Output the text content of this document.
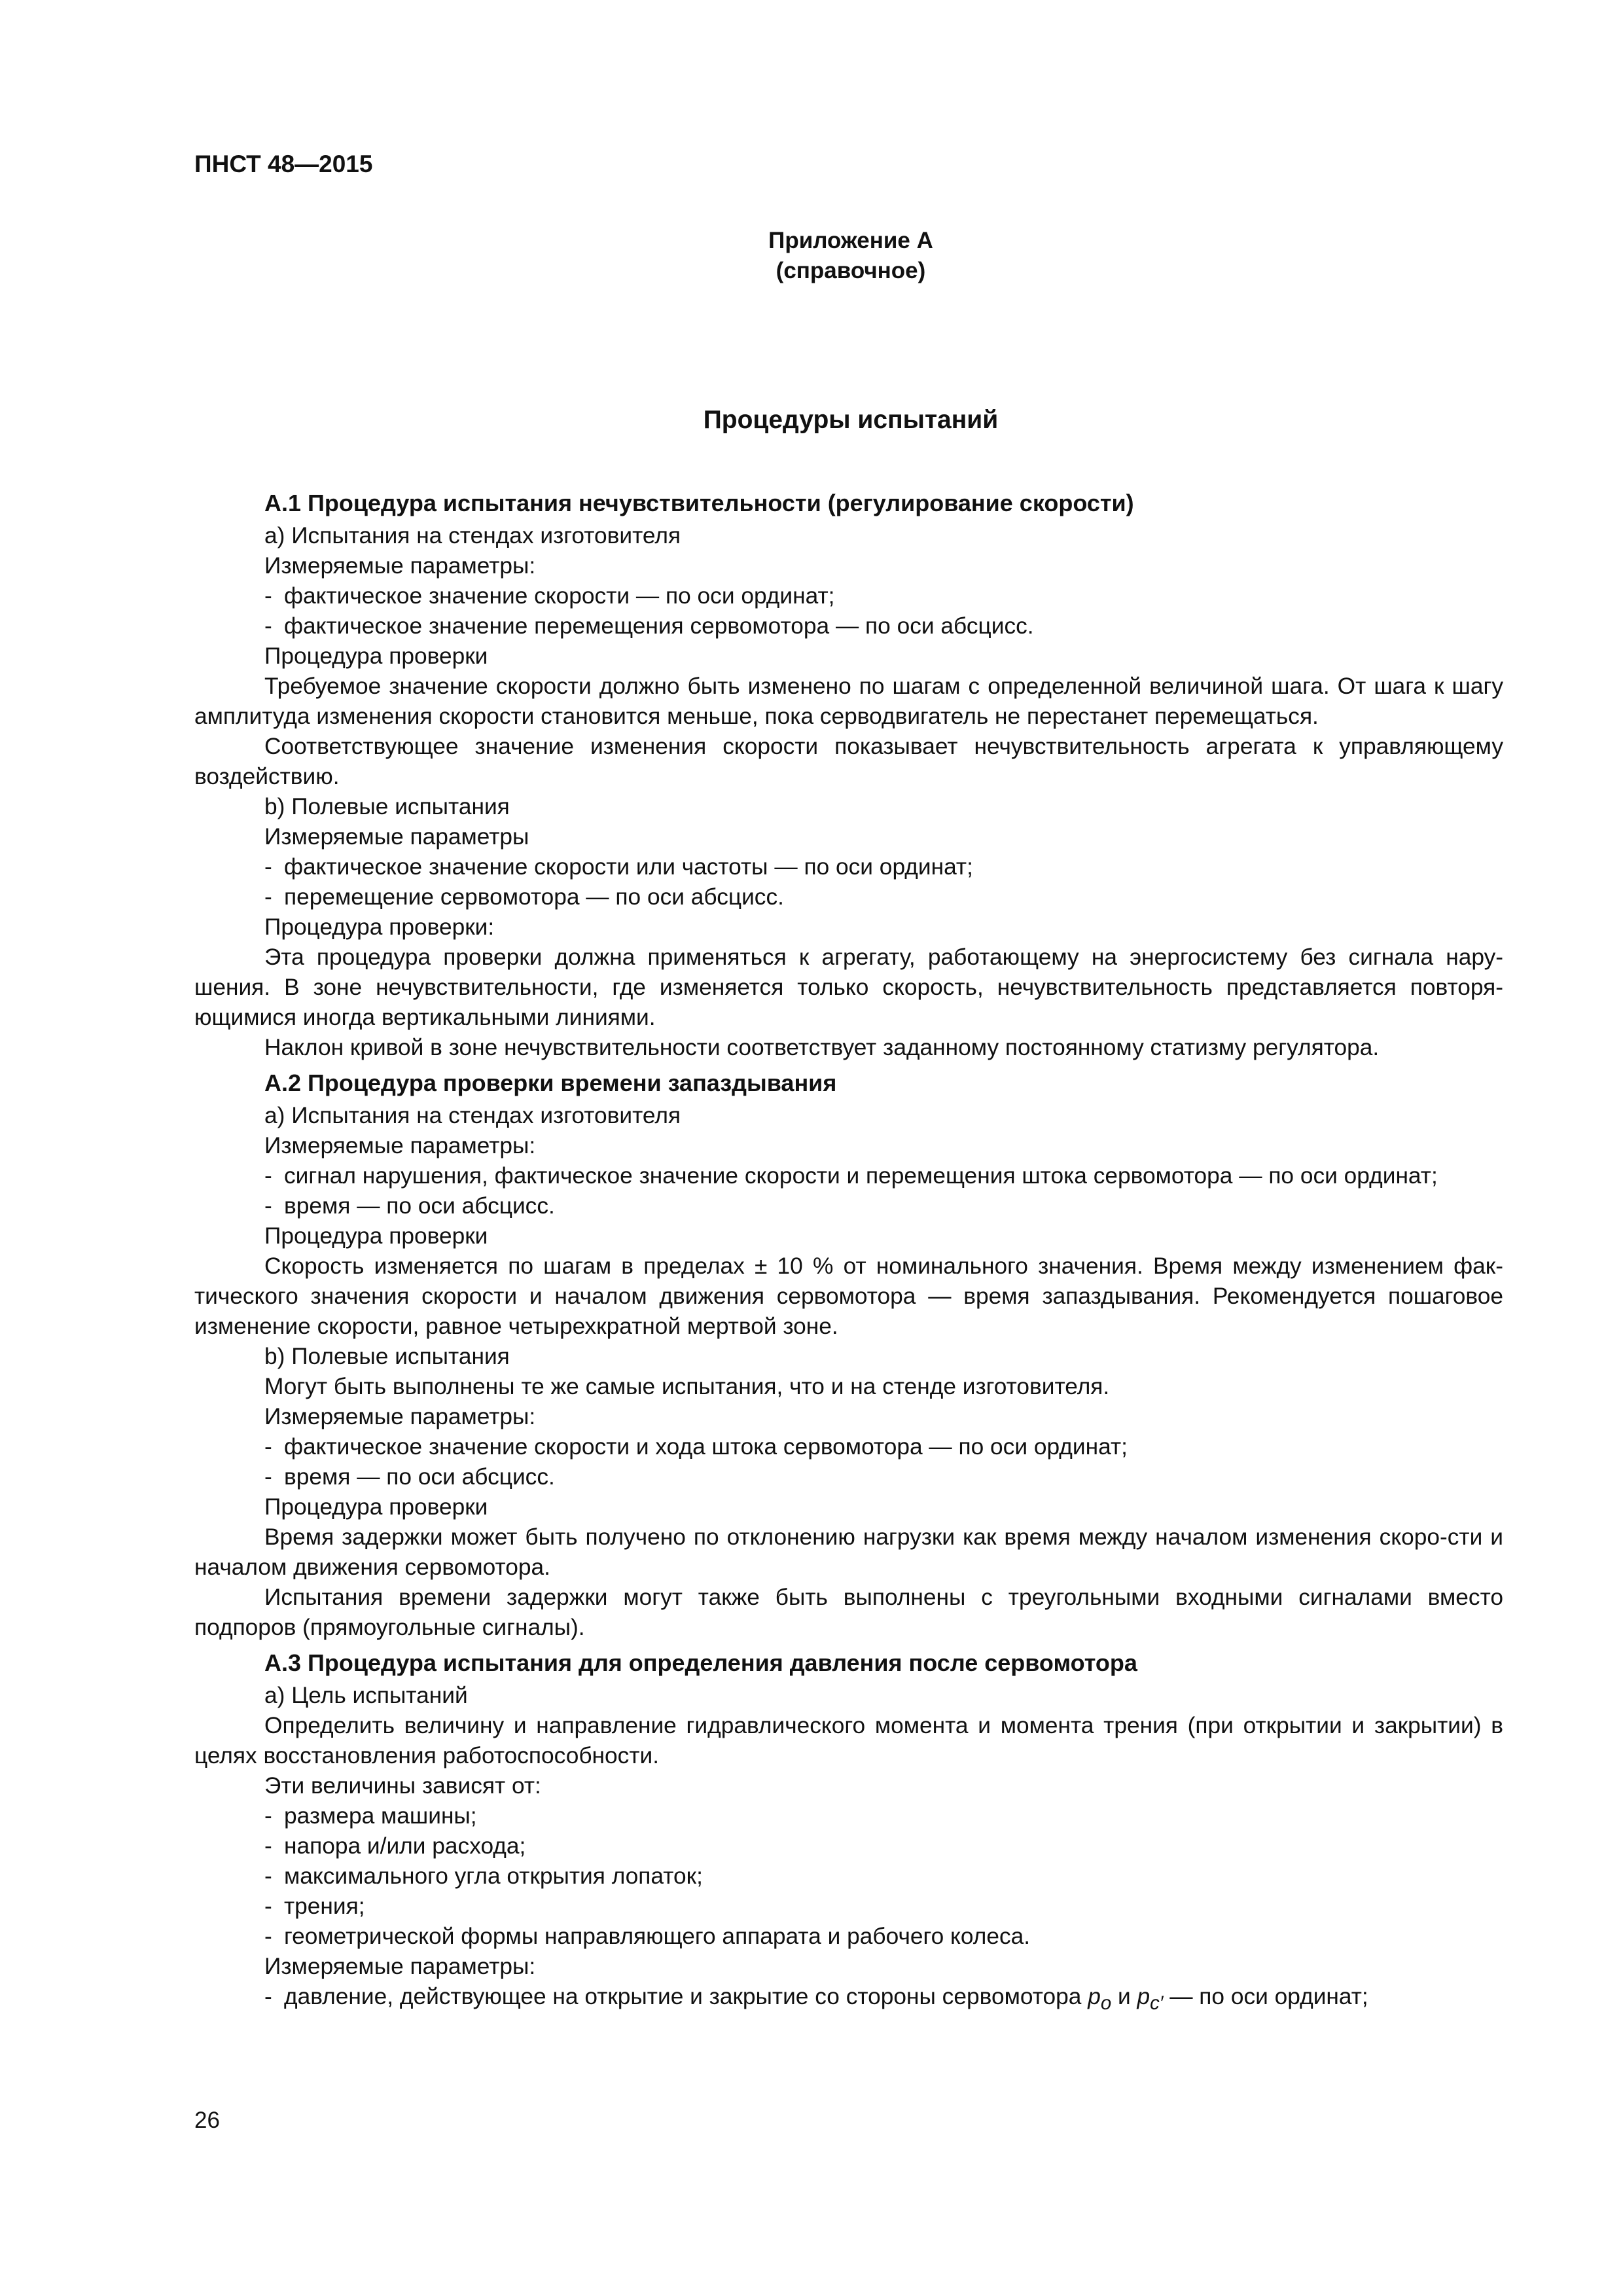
ПНСТ 48—2015
Приложение А
(справочное)
Процедуры испытаний
А.1 Процедура испытания нечувствительности (регулирование скорости)

a) Испытания на стендах изготовителя

Измеряемые параметры:

- фактическое значение скорости — по оси ординат;
- фактическое значение перемещения сервомотора — по оси абсцисс.

Процедура проверки

Требуемое значение скорости должно быть изменено по шагам с определенной величиной шага. От шага к шагу амплитуда изменения скорости становится меньше, пока серводвигатель не перестанет перемещаться.

Соответствующее значение изменения скорости показывает нечувствительность агрегата к управляющему воздействию.

b) Полевые испытания

Измеряемые параметры

- фактическое значение скорости или частоты — по оси ординат;
- перемещение сервомотора — по оси абсцисс.

Процедура проверки:

Эта процедура проверки должна применяться к агрегату, работающему на энергосистему без сигнала нару-шения. В зоне нечувствительности, где изменяется только скорость, нечувствительность представляется повторя-ющимися иногда вертикальными линиями.

Наклон кривой в зоне нечувствительности соответствует заданному постоянному статизму регулятора.

А.2 Процедура проверки времени запаздывания

a) Испытания на стендах изготовителя

Измеряемые параметры:

- сигнал нарушения, фактическое значение скорости и перемещения штока сервомотора — по оси ординат;
- время — по оси абсцисс.

Процедура проверки

Скорость изменяется по шагам в пределах ± 10 % от номинального значения. Время между изменением фак-тического значения скорости и началом движения сервомотора — время запаздывания. Рекомендуется пошаговое изменение скорости, равное четырехкратной мертвой зоне.

b) Полевые испытания

Могут быть выполнены те же самые испытания, что и на стенде изготовителя.

Измеряемые параметры:

- фактическое значение скорости и хода штока сервомотора — по оси ординат;
- время — по оси абсцисс.

Процедура проверки

Время задержки может быть получено по отклонению нагрузки как время между началом изменения скоро-сти и началом движения сервомотора.

Испытания времени задержки могут также быть выполнены с треугольными входными сигналами вместо подпоров (прямоугольные сигналы).

А.3 Процедура испытания для определения давления после сервомотора

a) Цель испытаний

Определить величину и направление гидравлического момента и момента трения (при открытии и закрытии) в целях восстановления работоспособности.

Эти величины зависят от:

- размера машины;
- напора и/или расхода;
- максимального угла открытия лопаток;
- трения;
- геометрической формы направляющего аппарата и рабочего колеса.

Измеряемые параметры:

- давление, действующее на открытие и закрытие со стороны сервомотора $p_o$ и $p_{c'}$ — по оси ординат;
26
